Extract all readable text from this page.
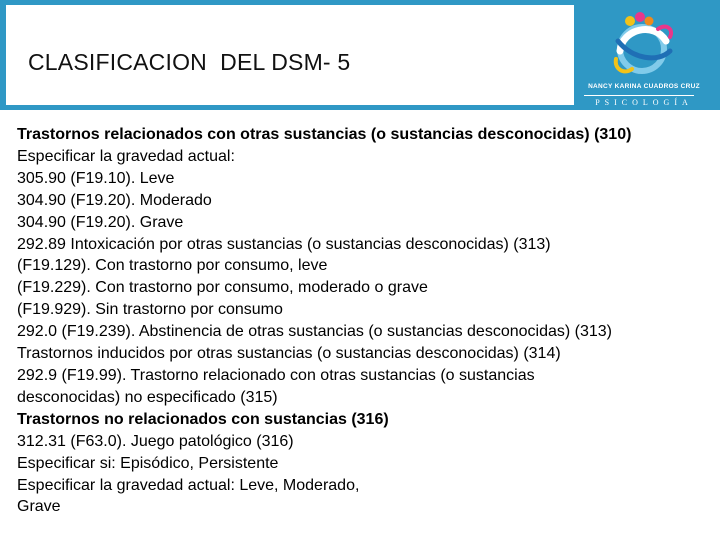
CLASIFICACION  DEL DSM- 5
NANCY KARINA CUADROS CRUZ
PSICOLOGÍA
Trastornos relacionados con otras sustancias (o sustancias desconocidas) (310)
Especificar la gravedad actual:
305.90 (F19.10). Leve
304.90 (F19.20). Moderado
304.90 (F19.20). Grave
292.89 Intoxicación por otras sustancias (o sustancias desconocidas) (313)
(F19.129). Con trastorno por consumo, leve
(F19.229). Con trastorno por consumo, moderado o grave
(F19.929). Sin trastorno por consumo
292.0 (F19.239). Abstinencia de otras sustancias (o sustancias desconocidas) (313)
Trastornos inducidos por otras sustancias (o sustancias desconocidas) (314)
292.9 (F19.99). Trastorno relacionado con otras sustancias (o sustancias
desconocidas) no especificado (315)
Trastornos no relacionados con sustancias (316)
312.31 (F63.0). Juego patológico (316)
Especificar si: Episódico, Persistente
Especificar la gravedad actual: Leve, Moderado,
Grave
